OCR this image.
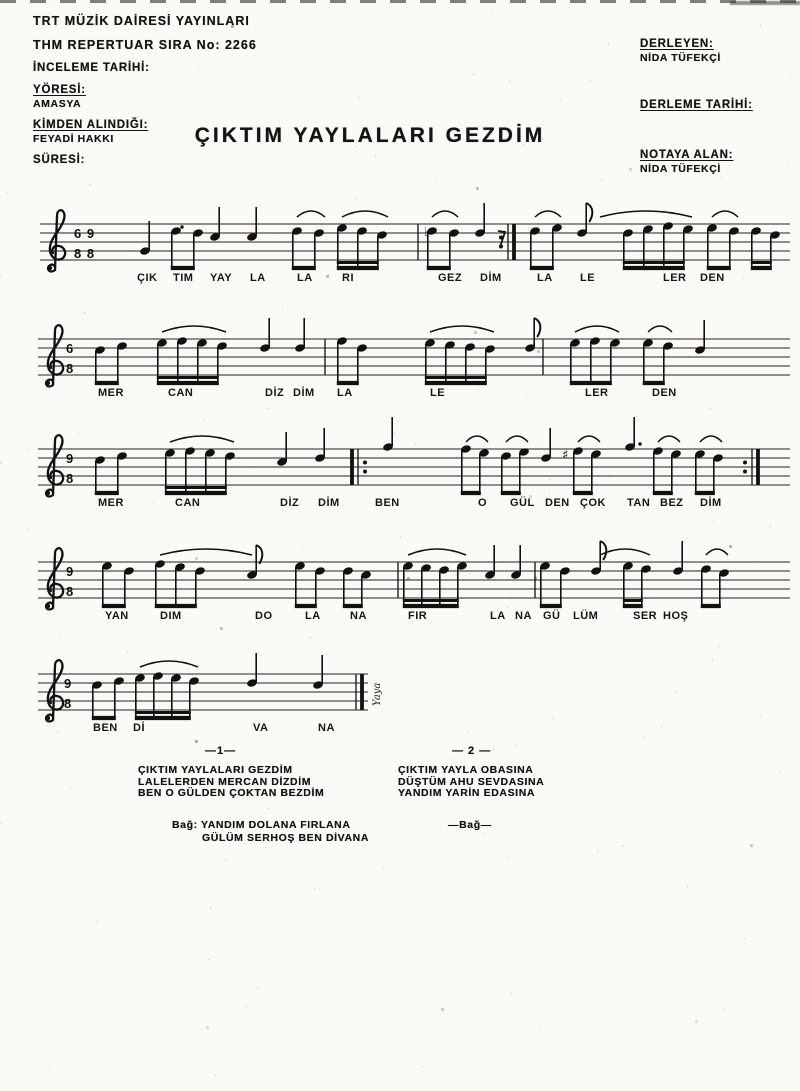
TRT MÜZİK DAİRESİ YAYINLARI
THM REPERTUAR SIRA No: 2266
İNCELEME TARİHİ:
YÖRESİ:
AMASYA
KİMDEN ALINDIĞI:
FEYADİ HAKKI
SÜRESİ:
DERLEYEN:
NİDA TÜFEKÇİ
DERLEME TARİHİ:
NOTAYA ALAN:
NİDA TÜFEKÇİ
ÇIKTIM YAYLALARI GEZDİM
6 9
8 8
♭
ÇIK TIM YAY LA	LA	RI	GEZ DİM	LA LE	LER DEN
6
8
MER	CAN	DİZ DİM LA	LE	LER	DEN
9
8
♯
MER	CAN	DİZ DİM	BEN	O GÜL DEN ÇOK TAN BEZ DİM
9
8
YAN	DIM	DO	LA	NA	FIR	LA NA GÜ LÜM	SER HOŞ
9
8
BEN Dİ	VA	NA
Yaya
—1—
ÇIKTIM YAYLALARI GEZDİM
LALELERDEN MERCAN DİZDİM
BEN O GÜLDEN ÇOKTAN BEZDİM
Bağ: YANDIM DOLANA FIRLANA
GÜLÜM SERHOŞ BEN DİVANA
— 2 —
ÇIKTIM YAYLA OBASINA
DÜŞTÜM AHU SEVDASINA
YANDIM YARİN EDASINA
—Bağ—
